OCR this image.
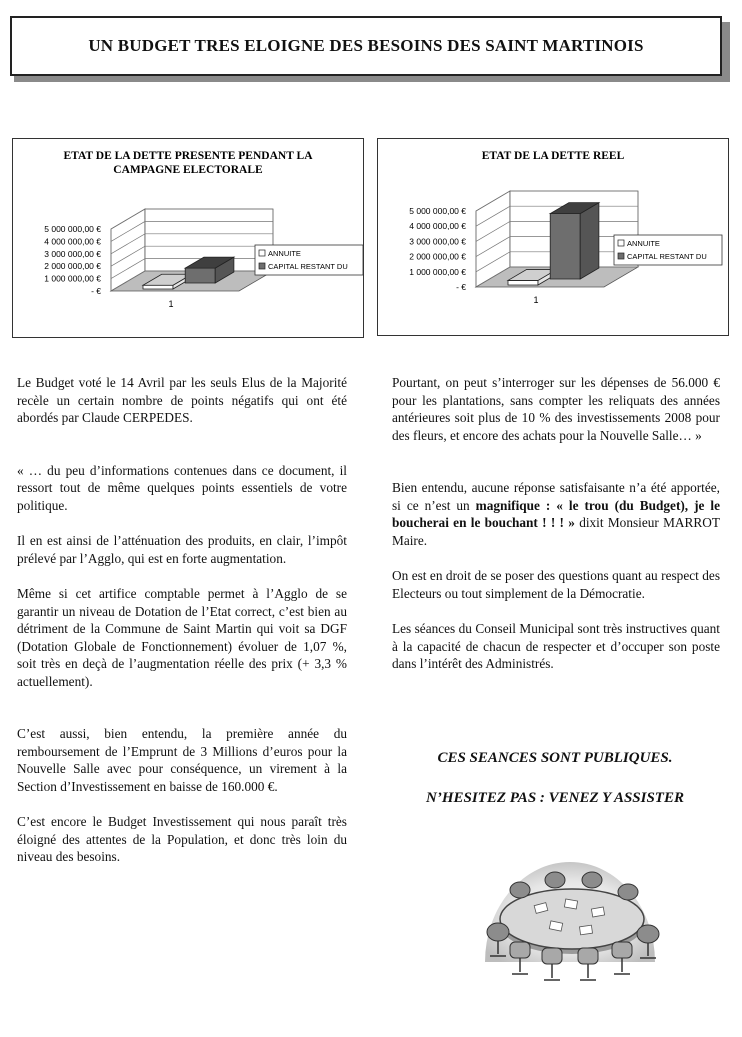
UN BUDGET TRES ELOIGNE DES BESOINS DES SAINT MARTINOIS
ETAT DE LA DETTE PRESENTE PENDANT LA
CAMPAGNE ELECTORALE
5 000 000,00 €
4 000 000,00 €
3 000 000,00 €
2 000 000,00 €
1 000 000,00 €
- €
1
ANNUITE
CAPITAL RESTANT DU
ETAT DE LA DETTE REEL
5 000 000,00 €
4 000 000,00 €
3 000 000,00 €
2 000 000,00 €
1 000 000,00 €
- €
1
ANNUITE
CAPITAL RESTANT DU

Le Budget voté le 14 Avril par les seuls Elus de la Majorité recèle un certain nombre de points négatifs qui ont été abordés par Claude CERPEDES.

« … du peu d’informations contenues dans ce document, il ressort tout de même quelques points essentiels de votre politique.

Il en est ainsi de l’atténuation des produits, en clair, l’impôt prélevé par l’Agglo, qui est en forte augmentation.

Même si cet artifice comptable permet à l’Agglo de se garantir un niveau de Dotation de l’Etat correct, c’est bien au détriment de la Commune de Saint Martin qui voit sa DGF (Dotation Globale de Fonctionnement) évoluer de 1,07 %, soit très en deçà de l’augmentation réelle des prix (+ 3,3 % actuellement).

C’est aussi, bien entendu, la première année du remboursement de l’Emprunt de 3 Millions d’euros pour la Nouvelle Salle avec pour conséquence, un virement à la Section d’Investissement en baisse de 160.000 €.

C’est encore le Budget Investissement qui nous paraît très éloigné des attentes de la Population, et donc très loin du niveau des besoins.

Pourtant, on peut s’interroger sur les dépenses de 56.000 € pour les plantations, sans compter les reliquats des années antérieures soit plus de 10 % des investissements 2008 pour des fleurs, et encore des achats pour la Nouvelle Salle… »

Bien entendu, aucune réponse satisfaisante n’a été apportée, si ce n’est un magnifique : « le trou (du Budget), je le boucherai en le bouchant ! ! ! » dixit Monsieur MARROT Maire.

On est en droit de se poser des questions quant au respect des Electeurs ou tout simplement de la Démocratie.

Les séances du Conseil Municipal sont très instructives quant à la capacité de chacun de respecter et d’occuper son poste dans l’intérêt des Administrés.

CES SEANCES SONT PUBLIQUES.
N’HESITEZ PAS : VENEZ Y ASSISTER
